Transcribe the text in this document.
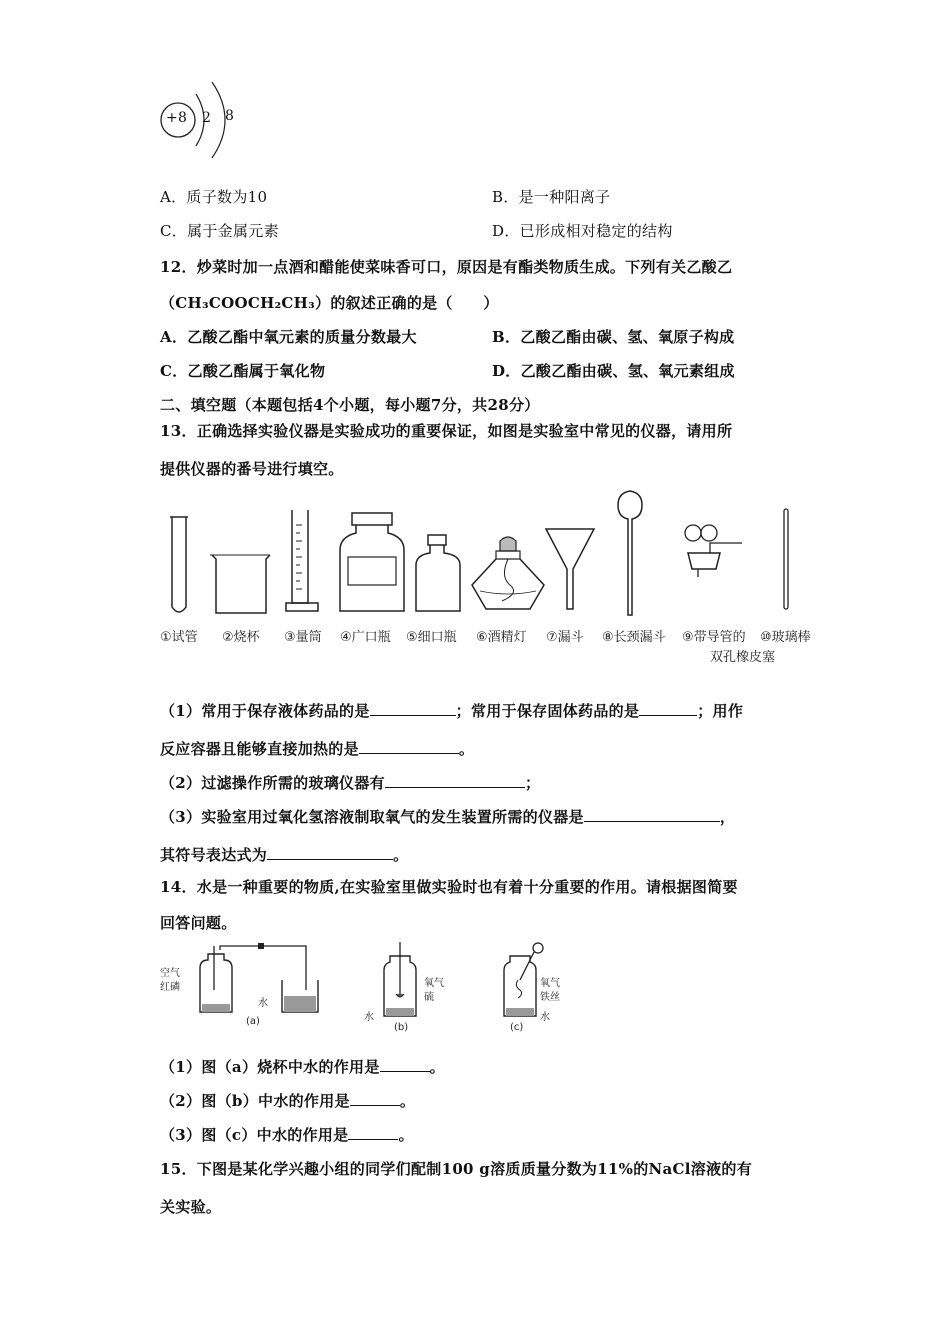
+8 2 8
A．质子数为10	B．是一种阳离子
C．属于金属元素	D．已形成相对稳定的结构
12．炒菜时加一点酒和醋能使菜味香可口，原因是有酯类物质生成。下列有关乙酸乙
（CH₃COOCH₂CH₃）的叙述正确的是（　　）
A．乙酸乙酯中氧元素的质量分数最大	B．乙酸乙酯由碳、氢、氧原子构成
C．乙酸乙酯属于氧化物	D．乙酸乙酯由碳、氢、氧元素组成
二、填空题（本题包括4个小题，每小题7分，共28分）
13．正确选择实验仪器是实验成功的重要保证，如图是实验室中常见的仪器，请用所
提供仪器的番号进行填空。
①试管 ②烧杯 ③量筒 ④广口瓶 ⑤细口瓶 ⑥酒精灯 ⑦漏斗 ⑧长颈漏斗 ⑨带导管的
双孔橡皮塞
⑩玻璃棒
（1）常用于保存液体药品的是	；常用于保存固体药品的是	；用作
反应容器且能够直接加热的是	。
（2）过滤操作所需的玻璃仪器有	；
（3）实验室用过氧化氢溶液制取氧气的发生装置所需的仪器是	，
其符号表达式为	。
14．水是一种重要的物质,在实验室里做实验时也有着十分重要的作用。请根据图简要
回答问题。
空气
红磷
水
(a)
氧气
硫
水
(b)
氧气
铁丝
水
(c)
（1）图（a）烧杯中水的作用是	。
（2）图（b）中水的作用是	。
（3）图（c）中水的作用是	。
15．下图是某化学兴趣小组的同学们配制100 g溶质质量分数为11%的NaCl溶液的有
关实验。
